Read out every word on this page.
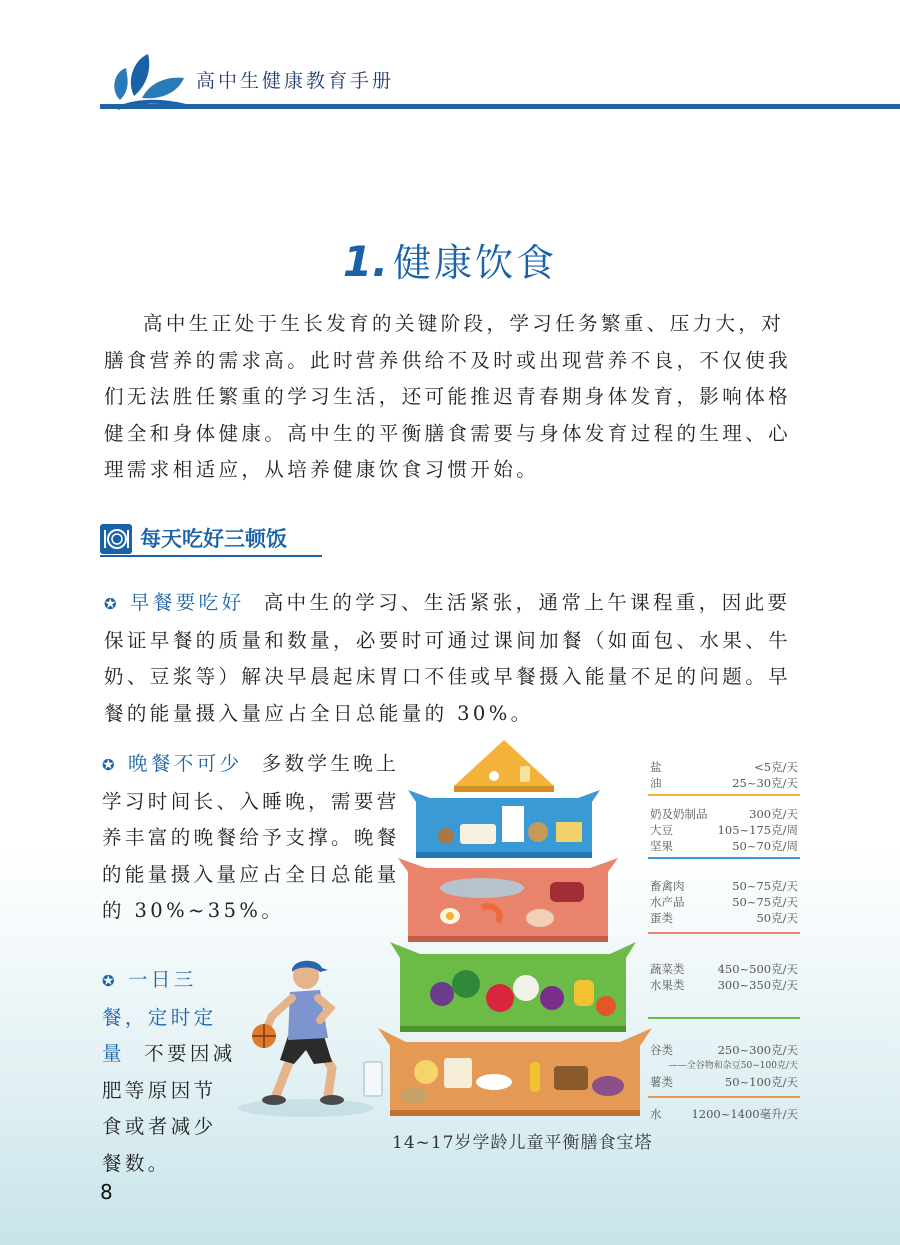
高中生健康教育手册
1. 健康饮食
高中生正处于生长发育的关键阶段，学习任务繁重、压力大，对膳食营养的需求高。此时营养供给不及时或出现营养不良，不仅使我们无法胜任繁重的学习生活，还可能推迟青春期身体发育，影响体格健全和身体健康。高中生的平衡膳食需要与身体发育过程的生理、心理需求相适应，从培养健康饮食习惯开始。
每天吃好三顿饭
✪ 早餐要吃好 高中生的学习、生活紧张，通常上午课程重，因此要保证早餐的质量和数量，必要时可通过课间加餐（如面包、水果、牛奶、豆浆等）解决早晨起床胃口不佳或早餐摄入能量不足的问题。早餐的能量摄入量应占全日总能量的 30%。
✪ 晚餐不可少 多数学生晚上学习时间长、入睡晚，需要营养丰富的晚餐给予支撑。晚餐的能量摄入量应占全日总能量的 30%~35%。
✪ 一日三餐，定时定量 不要因减肥等原因节食或者减少餐数。
盐	<5克/天
油	25~30克/天
奶及奶制品	300克/天
大豆	105~175克/周
坚果	50~70克/周
畜禽肉	50~75克/天
水产品	50~75克/天
蛋类	50克/天
蔬菜类	450~500克/天
水果类	300~350克/天
谷类	250~300克/天
——全谷物和杂豆50~100克/天
薯类	50~100克/天
水	1200~1400毫升/天
14~17岁学龄儿童平衡膳食宝塔
8
